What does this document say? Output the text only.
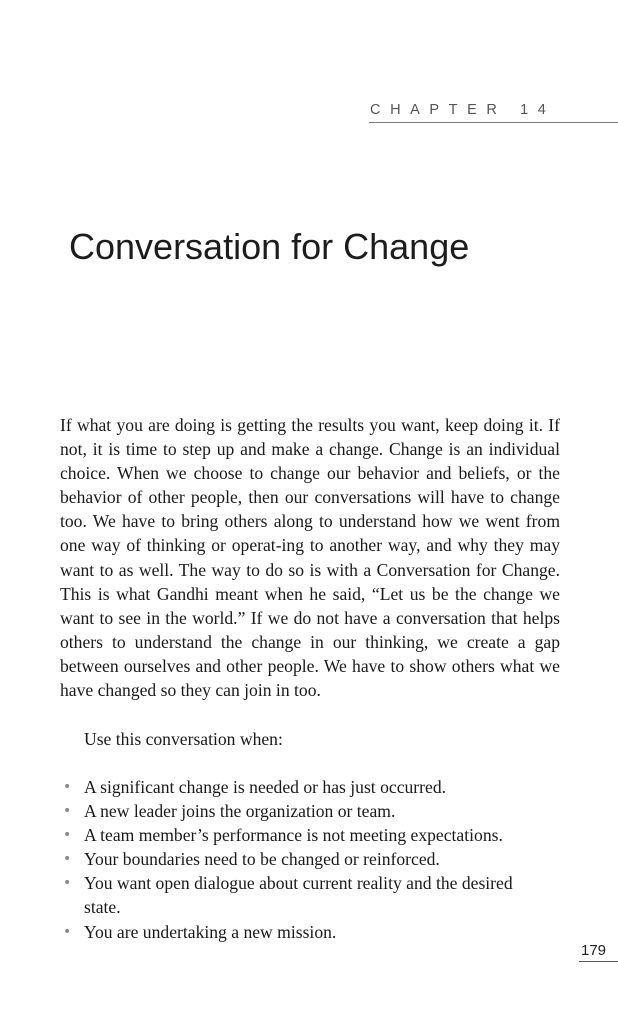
CHAPTER 14
Conversation for Change

If what you are doing is getting the results you want, keep doing it. If not, it is time to step up and make a change. Change is an individual choice. When we choose to change our behavior and beliefs, or the behavior of other people, then our conversations will have to change too. We have to bring others along to understand how we went from one way of thinking or operat-ing to another way, and why they may want to as well. The way to do so is with a Conversation for Change. This is what Gandhi meant when he said, “Let us be the change we want to see in the world.” If we do not have a conversation that helps others to understand the change in our thinking, we create a gap between ourselves and other people. We have to show others what we have changed so they can join in too.

Use this conversation when:

• A significant change is needed or has just occurred.
• A new leader joins the organization or team.
• A team member’s performance is not meeting expectations.
• Your boundaries need to be changed or reinforced.
• You want open dialogue about current reality and the desired state.
• You are undertaking a new mission.
179
